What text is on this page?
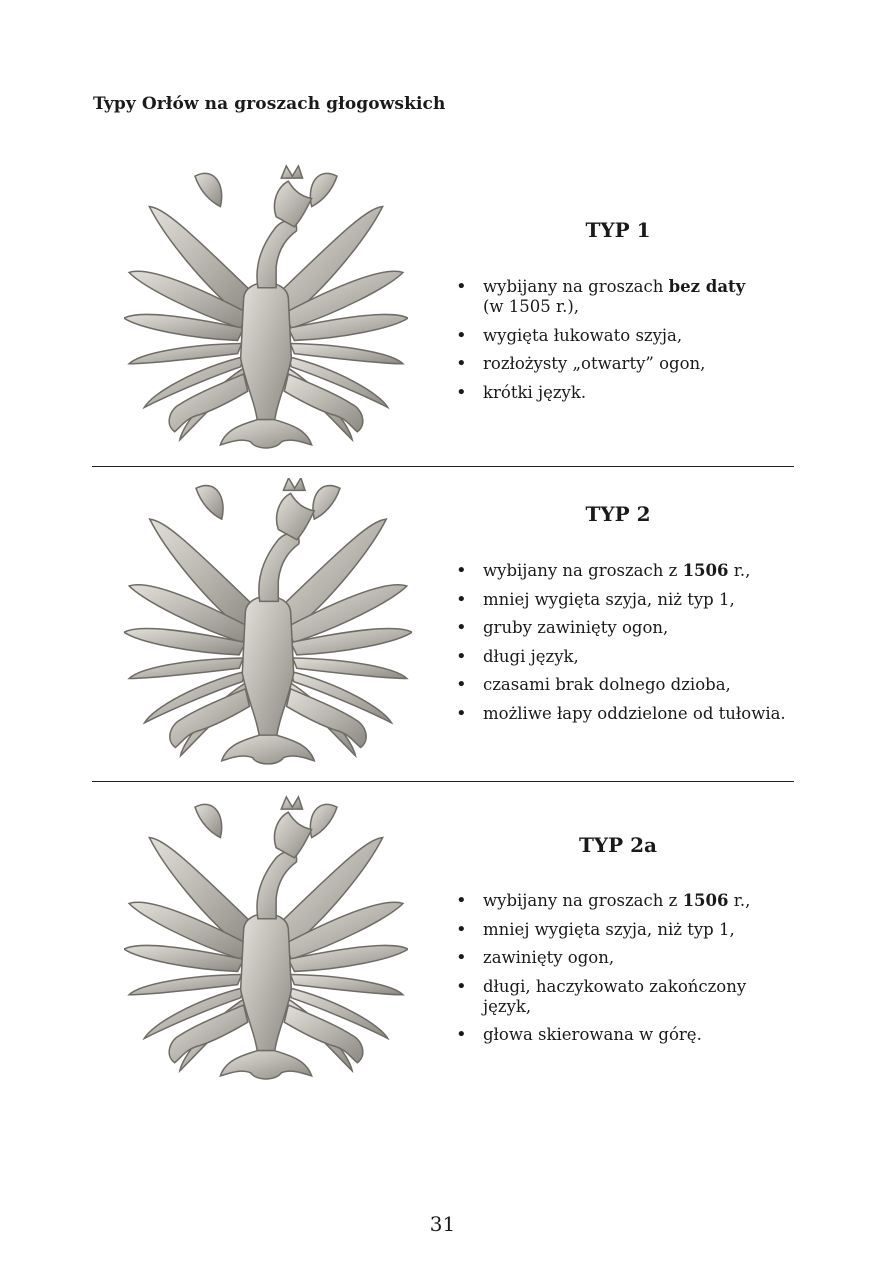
Typy Orłów na groszach głogowskich
TYP 1
• wybijany na groszach bez daty
(w 1505 r.),
• wygięta łukowato szyja,
• rozłożysty „otwarty” ogon,
• krótki język.
TYP 2
• wybijany na groszach z 1506 r.,
• mniej wygięta szyja, niż typ 1,
• gruby zawinięty ogon,
• długi język,
• czasami brak dolnego dzioba,
• możliwe łapy oddzielone od tułowia.
TYP 2a
• wybijany na groszach z 1506 r.,
• mniej wygięta szyja, niż typ 1,
• zawinięty ogon,
• długi, haczykowato zakończony
język,
• głowa skierowana w górę.
31
